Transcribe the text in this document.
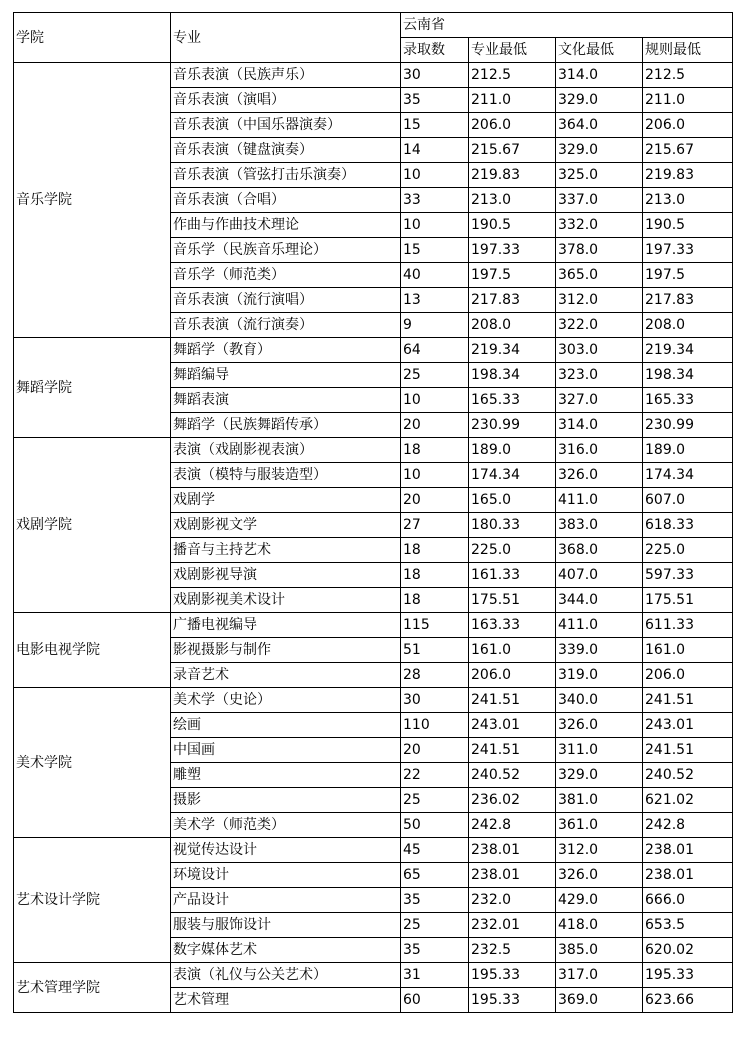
学院	专业	云南省			
		录取数	专业最低	文化最低	规则最低
音乐学院	音乐表演（民族声乐）	30	212.5	314.0	212.5
	音乐表演（演唱）	35	211.0	329.0	211.0
	音乐表演（中国乐器演奏）	15	206.0	364.0	206.0
	音乐表演（键盘演奏）	14	215.67	329.0	215.67
	音乐表演（管弦打击乐演奏）	10	219.83	325.0	219.83
	音乐表演（合唱）	33	213.0	337.0	213.0
	作曲与作曲技术理论	10	190.5	332.0	190.5
	音乐学（民族音乐理论）	15	197.33	378.0	197.33
	音乐学（师范类）	40	197.5	365.0	197.5
	音乐表演（流行演唱）	13	217.83	312.0	217.83
	音乐表演（流行演奏）	9	208.0	322.0	208.0
舞蹈学院	舞蹈学（教育）	64	219.34	303.0	219.34
	舞蹈编导	25	198.34	323.0	198.34
	舞蹈表演	10	165.33	327.0	165.33
	舞蹈学（民族舞蹈传承）	20	230.99	314.0	230.99
戏剧学院	表演（戏剧影视表演）	18	189.0	316.0	189.0
	表演（模特与服装造型）	10	174.34	326.0	174.34
	戏剧学	20	165.0	411.0	607.0
	戏剧影视文学	27	180.33	383.0	618.33
	播音与主持艺术	18	225.0	368.0	225.0
	戏剧影视导演	18	161.33	407.0	597.33
	戏剧影视美术设计	18	175.51	344.0	175.51
电影电视学院	广播电视编导	115	163.33	411.0	611.33
	影视摄影与制作	51	161.0	339.0	161.0
	录音艺术	28	206.0	319.0	206.0
美术学院	美术学（史论）	30	241.51	340.0	241.51
	绘画	110	243.01	326.0	243.01
	中国画	20	241.51	311.0	241.51
	雕塑	22	240.52	329.0	240.52
	摄影	25	236.02	381.0	621.02
	美术学（师范类）	50	242.8	361.0	242.8
艺术设计学院	视觉传达设计	45	238.01	312.0	238.01
	环境设计	65	238.01	326.0	238.01
	产品设计	35	232.0	429.0	666.0
	服装与服饰设计	25	232.01	418.0	653.5
	数字媒体艺术	35	232.5	385.0	620.02
艺术管理学院	表演（礼仪与公关艺术）	31	195.33	317.0	195.33
	艺术管理	60	195.33	369.0	623.66
